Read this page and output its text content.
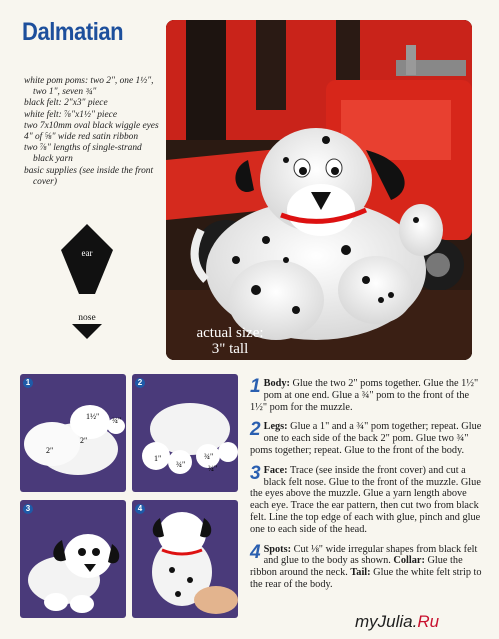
Dalmatian
white pom poms: two 2", one 1½", two 1", seven ¾"
black felt: 2"x3" piece
white felt: ⅞"x1½" piece
two 7x10mm oval black wiggle eyes
4" of ⅝" wide red satin ribbon
two ⅞" lengths of single-strand black yarn
basic supplies (see inside the front cover)
ear
nose
actual size:
3" tall
1
1½" ¾"
2"
2"
2
1"
¾"
¾"
¾"
3	4
1 Body: Glue the two 2" poms together. Glue the 1½" pom at one end. Glue a ¾" pom to the front of the 1½" pom for the muzzle.
2 Legs: Glue a 1" and a ¾" pom together; repeat. Glue one to each side of the back 2" pom. Glue two ¾" poms together; repeat. Glue to the front of the body.
3 Face: Trace (see inside the front cover) and cut a black felt nose. Glue to the front of the muzzle. Glue the eyes above the muzzle. Glue a yarn length above each eye. Trace the ear pattern, then cut two from black felt. Line the top edge of each with glue, pinch and glue one to each side of the head.
4 Spots: Cut ⅛" wide irregular shapes from black felt and glue to the body as shown. Collar: Glue the ribbon around the neck. Tail: Glue the white felt strip to the rear of the body.
myJulia.Ru
